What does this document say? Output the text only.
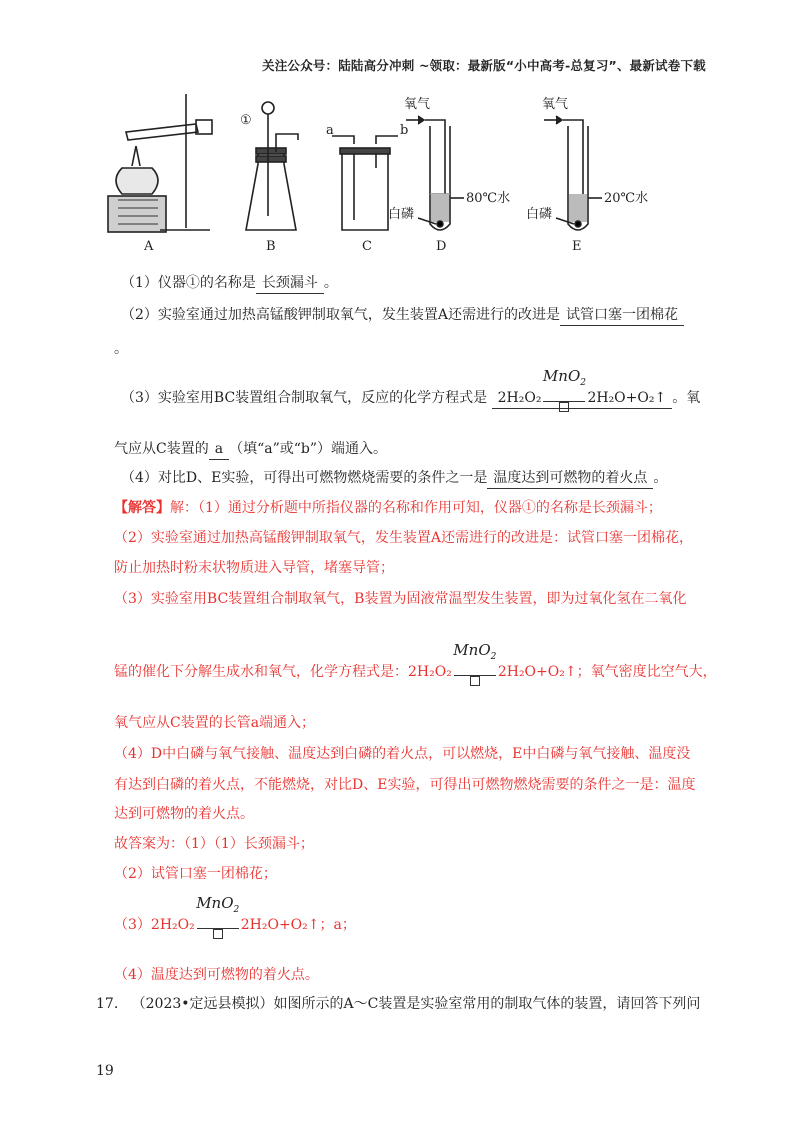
关注公众号：陆陆高分冲刺 ~领取：最新版“小中高考-总复习”、最新试卷下载
A	B	C	D	E
①
a	b
氧气
80℃水
白磷
氧气
20℃水
白磷
（1）仪器①的名称是 长颈漏斗 。
（2）实验室通过加热高锰酸钾制取氧气，发生装置A还需进行的改进是 试管口塞一团棉花
。
（3）实验室用BC装置组合制取氧气，反应的化学方程式是 2H₂O₂
MnO$_2$
2H₂O+O₂↑ 。氧
气应从C装置的 a （填“a”或“b”）端通入。
（4）对比D、E实验，可得出可燃物燃烧需要的条件之一是 温度达到可燃物的着火点 。
【解答】解：（1）通过分析题中所指仪器的名称和作用可知，仪器①的名称是长颈漏斗；
（2）实验室通过加热高锰酸钾制取氧气，发生装置A还需进行的改进是：试管口塞一团棉花，
防止加热时粉末状物质进入导管，堵塞导管；
（3）实验室用BC装置组合制取氧气，B装置为固液常温型发生装置，即为过氧化氢在二氧化
锰的催化下分解生成水和氧气，化学方程式是：2H₂O₂
MnO$_2$
2H₂O+O₂↑；氧气密度比空气大，
氧气应从C装置的长管a端通入；
（4）D中白磷与氧气接触、温度达到白磷的着火点，可以燃烧，E中白磷与氧气接触、温度没
有达到白磷的着火点，不能燃烧，对比D、E实验，可得出可燃物燃烧需要的条件之一是：温度
达到可燃物的着火点。
故答案为：（1）（1）长颈漏斗；
（2）试管口塞一团棉花；
（3）2H₂O₂
MnO$_2$
2H₂O+O₂↑；a；
（4）温度达到可燃物的着火点。
17. （2023•定远县模拟）如图所示的A～C装置是实验室常用的制取气体的装置，请回答下列问
19
